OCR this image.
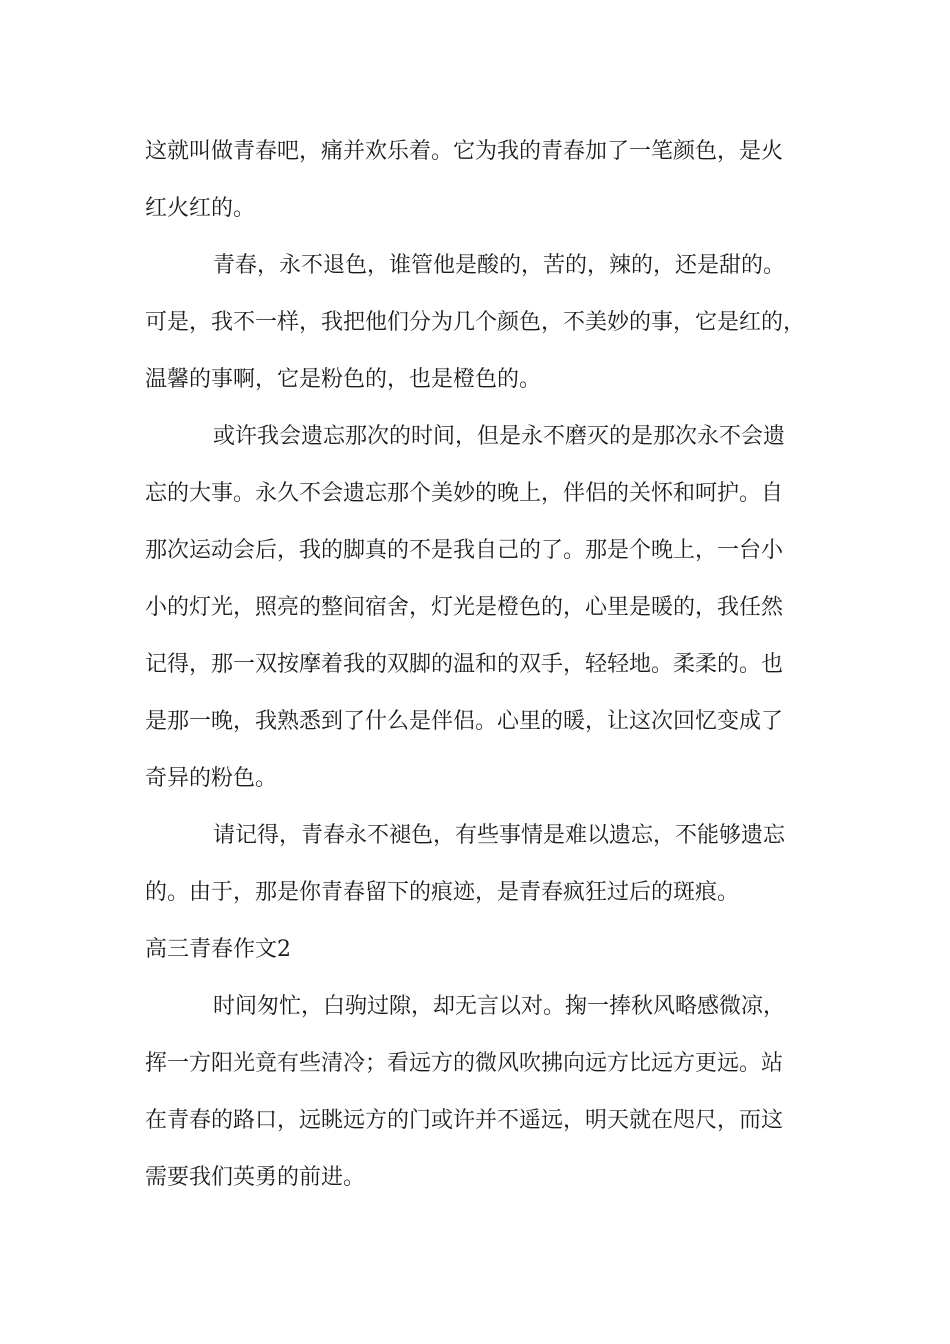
这就叫做青春吧，痛并欢乐着。它为我的青春加了一笔颜色，是火
红火红的。
青春，永不退色，谁管他是酸的，苦的，辣的，还是甜的。
可是，我不一样，我把他们分为几个颜色，不美妙的事，它是红的，
温馨的事啊，它是粉色的，也是橙色的。
或许我会遗忘那次的时间，但是永不磨灭的是那次永不会遗
忘的大事。永久不会遗忘那个美妙的晚上，伴侣的关怀和呵护。自
那次运动会后，我的脚真的不是我自己的了。那是个晚上，一台小
小的灯光，照亮的整间宿舍，灯光是橙色的，心里是暖的，我任然
记得，那一双按摩着我的双脚的温和的双手，轻轻地。柔柔的。也
是那一晚，我熟悉到了什么是伴侣。心里的暖，让这次回忆变成了
奇异的粉色。
请记得，青春永不褪色，有些事情是难以遗忘，不能够遗忘
的。由于，那是你青春留下的痕迹，是青春疯狂过后的斑痕。
高三青春作文2
时间匆忙，白驹过隙，却无言以对。掬一捧秋风略感微凉，
挥一方阳光竟有些清冷；看远方的微风吹拂向远方比远方更远。站
在青春的路口，远眺远方的门或许并不遥远，明天就在咫尺，而这
需要我们英勇的前进。
